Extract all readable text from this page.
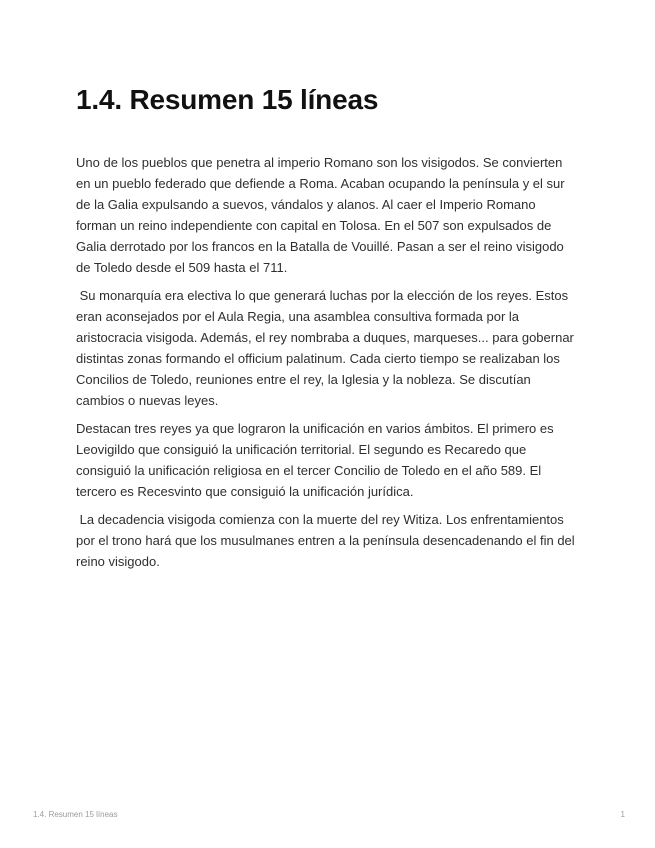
1.4. Resumen 15 líneas

Uno de los pueblos que penetra al imperio Romano son los visigodos. Se convierten en un pueblo federado que defiende a Roma. Acaban ocupando la península y el sur de la Galia expulsando a suevos, vándalos y alanos. Al caer el Imperio Romano forman un reino independiente con capital en Tolosa. En el 507 son expulsados de Galia derrotado por los francos en la Batalla de Vouillé. Pasan a ser el reino visigodo de Toledo desde el 509 hasta el 711.

Su monarquía era electiva lo que generará luchas por la elección de los reyes. Estos eran aconsejados por el Aula Regia, una asamblea consultiva formada por la aristocracia visigoda. Además, el rey nombraba a duques, marqueses... para gobernar distintas zonas formando el officium palatinum. Cada cierto tiempo se realizaban los Concilios de Toledo, reuniones entre el rey, la Iglesia y la nobleza. Se discutían cambios o nuevas leyes.

Destacan tres reyes ya que lograron la unificación en varios ámbitos. El primero es Leovigildo que consiguió la unificación territorial. El segundo es Recaredo que consiguió la unificación religiosa en el tercer Concilio de Toledo en el año 589. El tercero es Recesvinto que consiguió la unificación jurídica.

La decadencia visigoda comienza con la muerte del rey Witiza. Los enfrentamientos por el trono hará que los musulmanes entren a la península desencadenando el fin del reino visigodo.

1.4. Resumen 15 líneas	1
